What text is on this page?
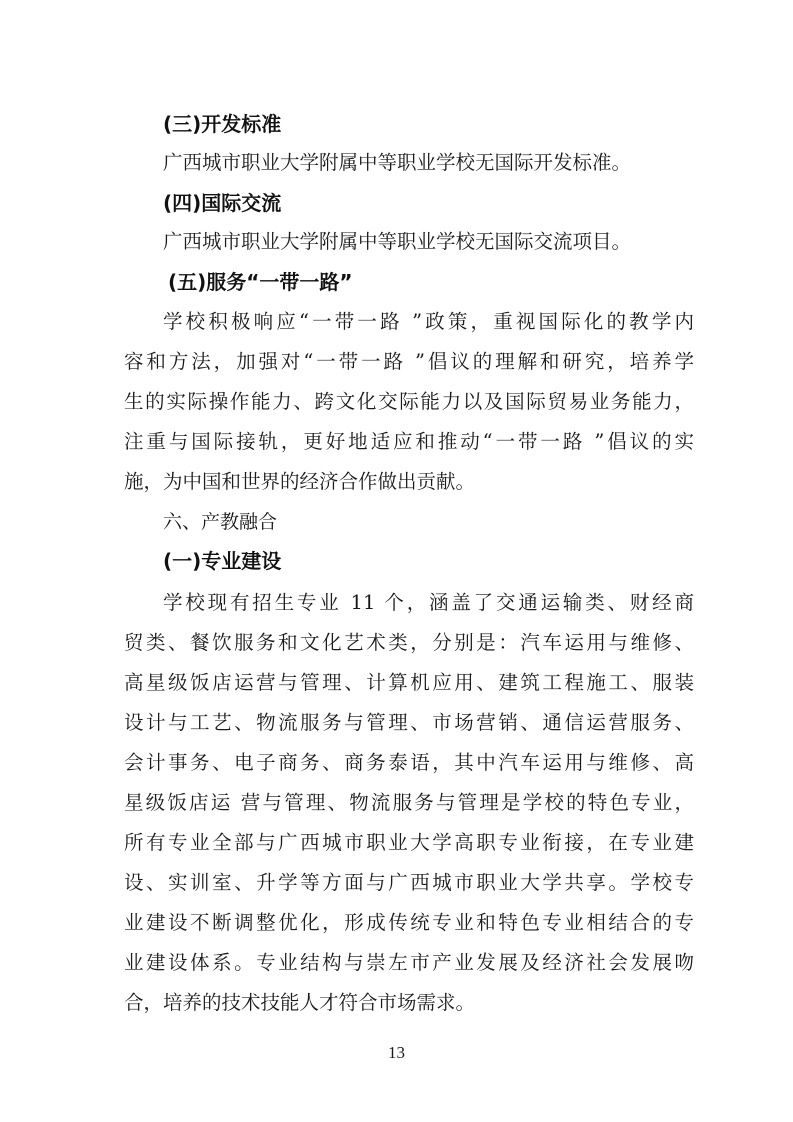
(三)开发标准
广西城市职业大学附属中等职业学校无国际开发标准。
(四)国际交流
广西城市职业大学附属中等职业学校无国际交流项目。
(五)服务“一带一路”
学校积极响应“一带一路 ”政策，重视国际化的教学内
容和方法，加强对“一带一路 ”倡议的理解和研究，培养学
生的实际操作能力、跨文化交际能力以及国际贸易业务能力，
注重与国际接轨，更好地适应和推动“一带一路 ”倡议的实
施，为中国和世界的经济合作做出贡献。
六、产教融合
(一)专业建设
学校现有招生专业 11 个，涵盖了交通运输类、财经商
贸类、餐饮服务和文化艺术类，分别是：汽车运用与维修、
高星级饭店运营与管理、计算机应用、建筑工程施工、服装
设计与工艺、物流服务与管理、市场营销、通信运营服务、
会计事务、电子商务、商务泰语，其中汽车运用与维修、高
星级饭店运 营与管理、物流服务与管理是学校的特色专业，
所有专业全部与广西城市职业大学高职专业衔接，在专业建
设、实训室、升学等方面与广西城市职业大学共享。学校专
业建设不断调整优化，形成传统专业和特色专业相结合的专
业建设体系。专业结构与崇左市产业发展及经济社会发展吻
合，培养的技术技能人才符合市场需求。
13
